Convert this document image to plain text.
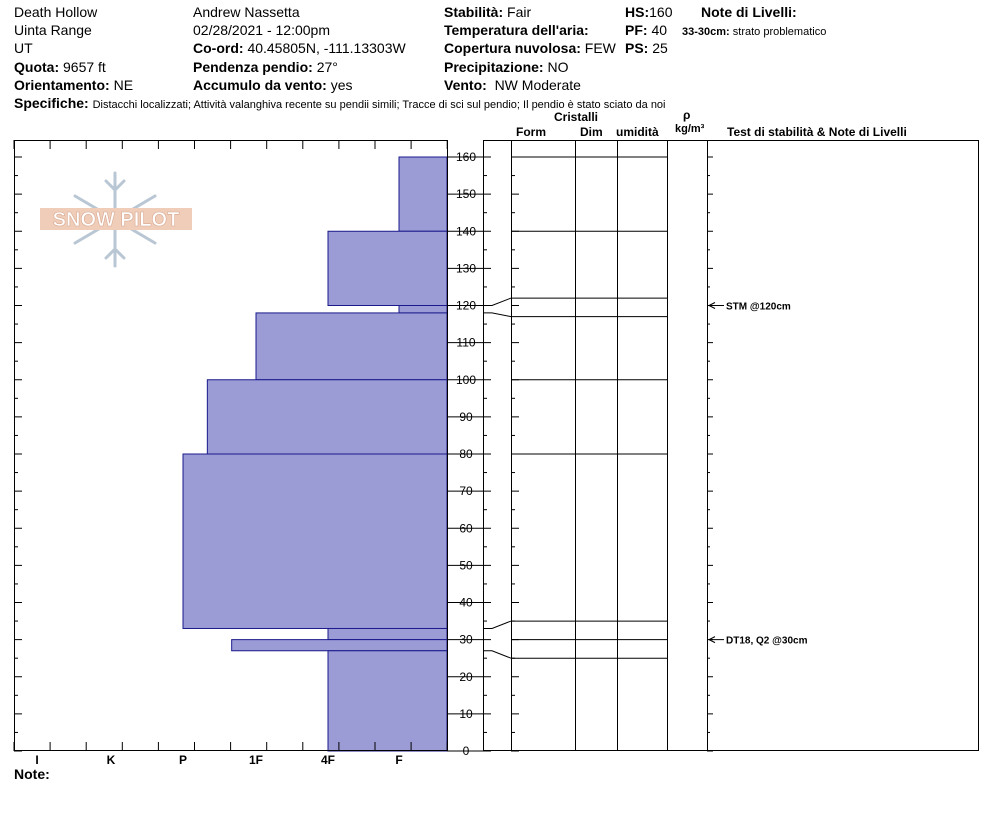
Death Hollow
Uinta Range
UT
Quota: 9657 ft
Orientamento: NE
Andrew Nassetta
02/28/2021 - 12:00pm
Co-ord: 40.45805N, -111.13303W
Pendenza pendio: 27°
Accumulo da vento: yes
Stabilità: Fair
Temperatura dell'aria:
Copertura nuvolosa: FEW
Precipitazione: NO
Vento: NW Moderate
HS:160
PF: 40
PS: 25
Note di Livelli:
33-30cm: strato problematico
Specifiche: Distacchi localizzati; Attività valanghiva recente su pendii simili; Tracce di sci sul pendio; Il pendio è stato sciato da noi
Cristalli
Form	Dim umidità
ρ
kg/m³ Test di stabilità & Note di Livelli
SNOW PILOT
I	K	P	1F	4F	F
0
10
20
30
40
50
60
70
80
90
100
110
120
130
140
150
160
STM @120cm
DT18, Q2 @30cm
Note:
